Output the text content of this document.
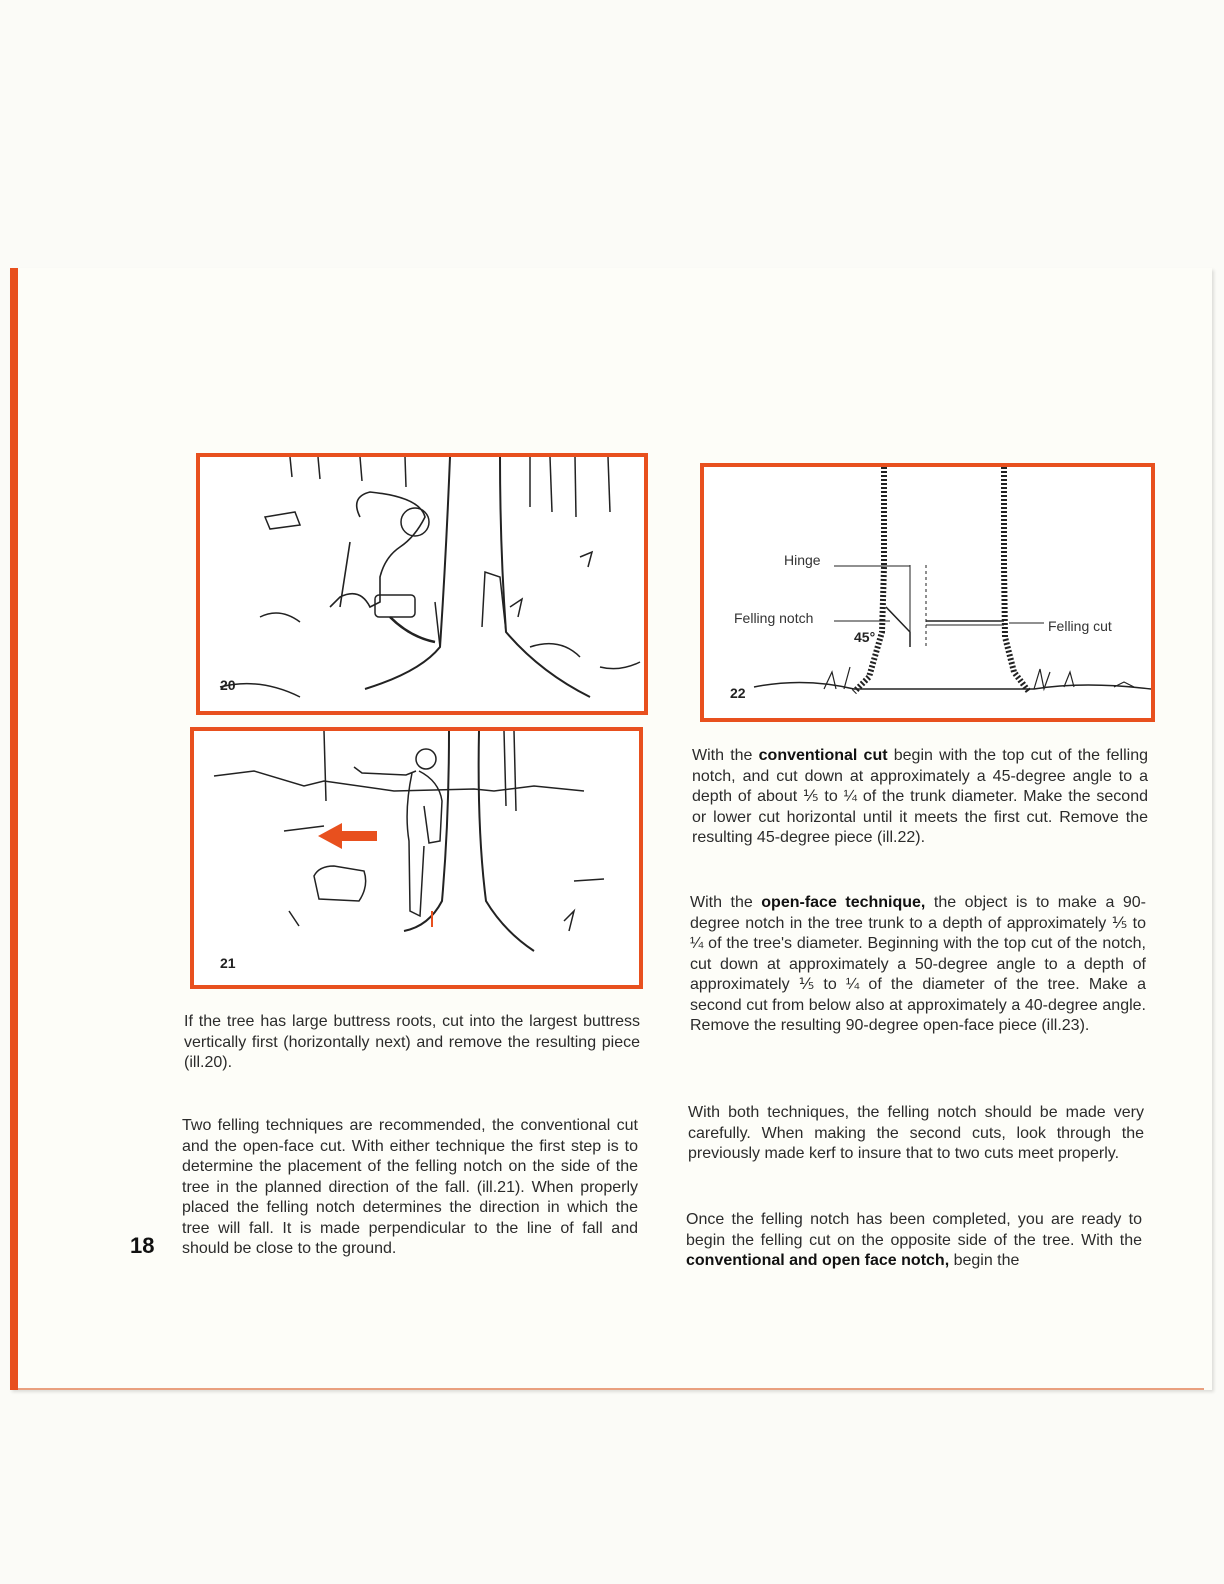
20
21
Hinge
Felling notch	Felling cut
45°
22

If the tree has large buttress roots, cut into the largest buttress vertically first (horizontally next) and remove the resulting piece (ill.20).

Two felling techniques are recommended, the conventional cut and the open-face cut. With either technique the first step is to determine the placement of the felling notch on the side of the tree in the planned direction of the fall. (ill.21). When properly placed the felling notch determines the direction in which the tree will fall. It is made perpendicular to the line of fall and should be close to the ground.

With the conventional cut begin with the top cut of the felling notch, and cut down at approximately a 45-degree angle to a depth of about ⅕ to ¼ of the trunk diameter. Make the second or lower cut horizontal until it meets the first cut. Remove the resulting 45-degree piece (ill.22).

With the open-face technique, the object is to make a 90-degree notch in the tree trunk to a depth of approximately ⅕ to ¼ of the tree's diameter. Beginning with the top cut of the notch, cut down at approximately a 50-degree angle to a depth of approximately ⅕ to ¼ of the diameter of the tree. Make a second cut from below also at approximately a 40-degree angle. Remove the resulting 90-degree open-face piece (ill.23).

With both techniques, the felling notch should be made very carefully. When making the second cuts, look through the previously made kerf to insure that to two cuts meet properly.

Once the felling notch has been completed, you are ready to begin the felling cut on the opposite side of the tree. With the conventional and open face notch, begin the

18
